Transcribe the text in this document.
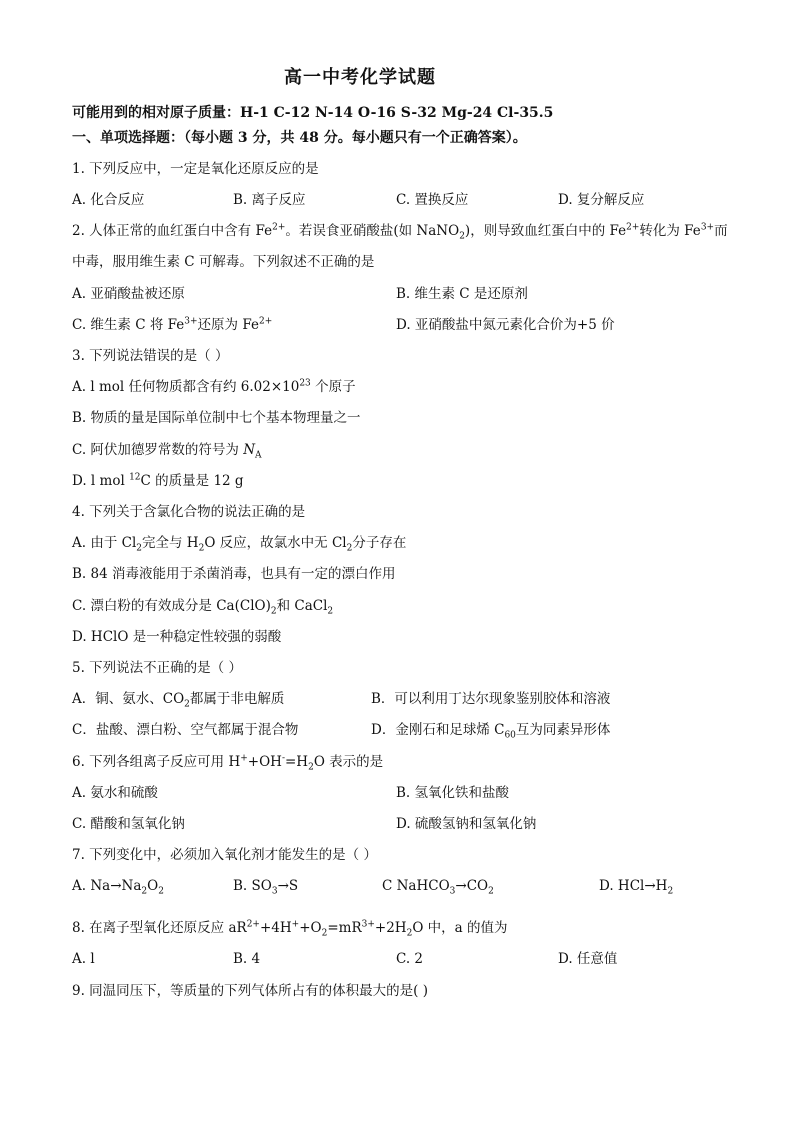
高一中考化学试题
可能用到的相对原子质量：H-1 C-12 N-14 O-16 S-32 Mg-24 Cl-35.5
一、单项选择题：（每小题 3 分，共 48 分。每小题只有一个正确答案）。
1. 下列反应中，一定是氧化还原反应的是
A. 化合反应	B. 离子反应	C. 置换反应	D. 复分解反应
2. 人体正常的血红蛋白中含有 $Fe^{2+}$。若误食亚硝酸盐(如 NaNO$_2$)，则导致血红蛋白中的 $Fe^{2+}$转化为 $Fe^{3+}$而
中毒，服用维生素 C 可解毒。下列叙述不正确的是
A. 亚硝酸盐被还原	B. 维生素 C 是还原剂
C. 维生素 C 将 $Fe^{3+}$还原为 $Fe^{2+}$	D. 亚硝酸盐中氮元素化合价为+5 价
3. 下列说法错误的是（ ）
A. l mol 任何物质都含有约 $6.02\times 10^{23}$ 个原子
B. 物质的量是国际单位制中七个基本物理量之一
C. 阿伏加德罗常数的符号为 $N_A$
D. l mol $^{12}$C 的质量是 12 g
4. 下列关于含氯化合物的说法正确的是
A. 由于 $Cl_2$完全与 $H_2O$ 反应，故氯水中无 $Cl_2$分子存在
B. 84 消毒液能用于杀菌消毒，也具有一定的漂白作用
C. 漂白粉的有效成分是 $Ca(ClO)_2$和 CaCl$_2$
D. HClO 是一种稳定性较强的弱酸
5. 下列说法不正确的是（ ）
A．铜、氨水、$CO_2$都属于非电解质	B．可以利用丁达尔现象鉴别胶体和溶液
C．盐酸、漂白粉、空气都属于混合物	D．金刚石和足球烯 $C_{60}$互为同素异形体
6. 下列各组离子反应可用 $H^++OH^-=H_2O$ 表示的是
A. 氨水和硫酸	B. 氢氧化铁和盐酸
C. 醋酸和氢氧化钠	D. 硫酸氢钠和氢氧化钠
7. 下列变化中，必须加入氧化剂才能发生的是（ ）
A. $Na\to Na_2O_2$	B. $SO_3\to S$	C $NaHCO_3\to CO_2$	D. $HCl\to H_2$
8. 在离子型氧化还原反应 $aR^{2+}+4H^++O_2=mR^{3+}+2H_2O$ 中，a 的值为
A. l	B. 4	C. 2	D. 任意值
9. 同温同压下，等质量的下列气体所占有的体积最大的是( )
